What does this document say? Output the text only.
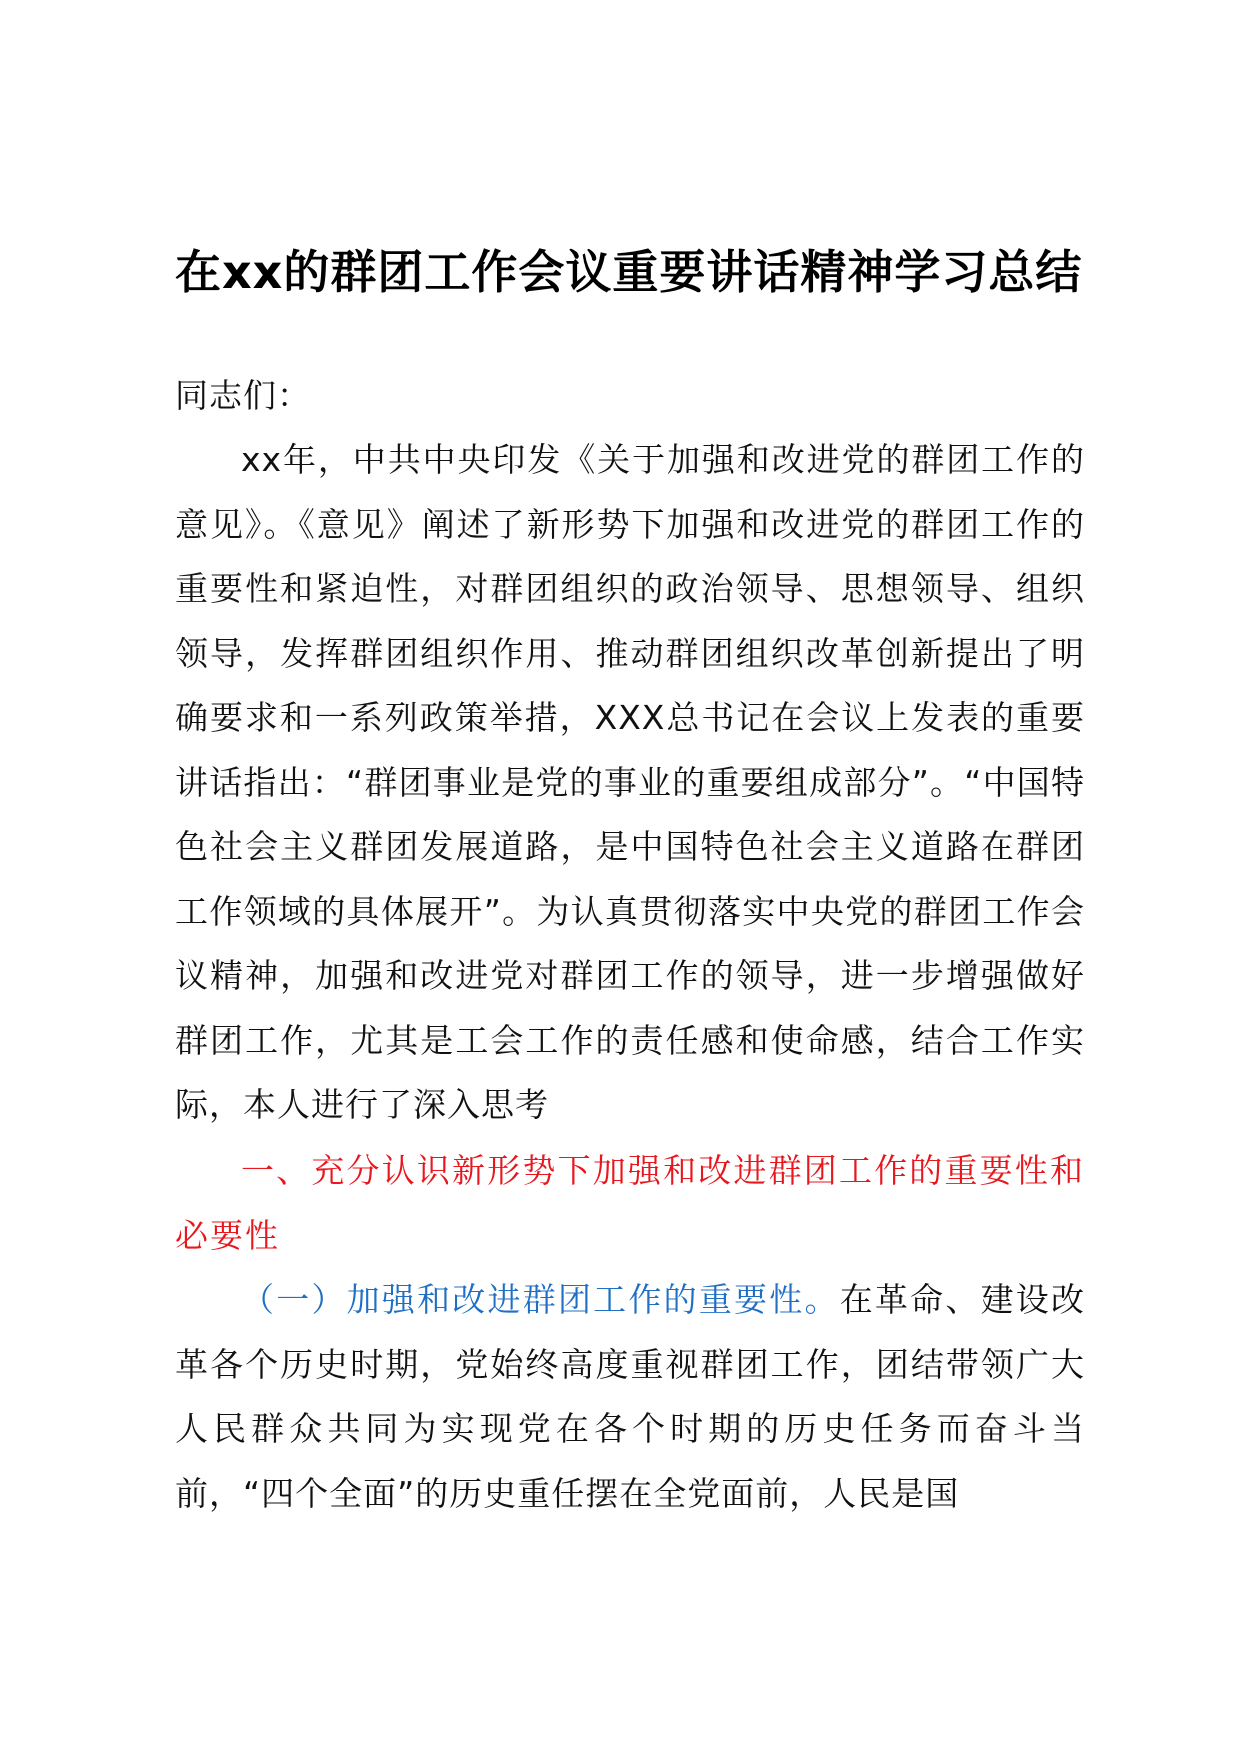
在xx的群团工作会议重要讲话精神学习总结
同志们：
xx年，中共中央印发《关于加强和改进党的群团工作的意见》。《意见》阐述了新形势下加强和改进党的群团工作的重要性和紧迫性，对群团组织的政治领导、思想领导、组织领导，发挥群团组织作用、推动群团组织改革创新提出了明确要求和一系列政策举措，XXX总书记在会议上发表的重要讲话指出：“群团事业是党的事业的重要组成部分”。“中国特色社会主义群团发展道路，是中国特色社会主义道路在群团工作领域的具体展开”。为认真贯彻落实中央党的群团工作会议精神，加强和改进党对群团工作的领导，进一步增强做好群团工作，尤其是工会工作的责任感和使命感，结合工作实际，本人进行了深入思考
一、充分认识新形势下加强和改进群团工作的重要性和必要性
（一）加强和改进群团工作的重要性。在革命、建设改革各个历史时期，党始终高度重视群团工作，团结带领广大人民群众共同为实现党在各个时期的历史任务而奋斗当前，“四个全面”的历史重任摆在全党面前，人民是国
